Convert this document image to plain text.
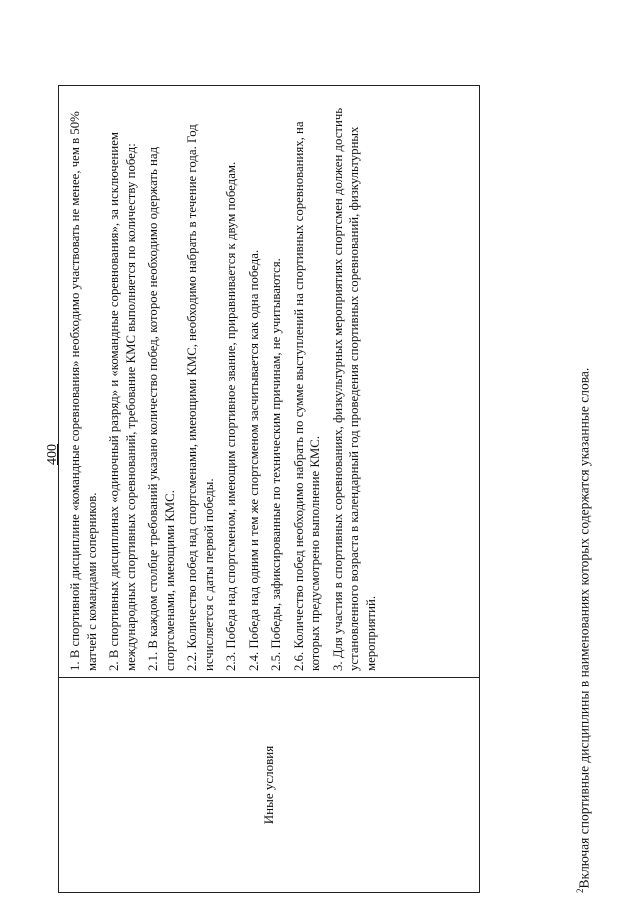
400
Иные условия

1. В спортивной дисциплине «командные соревнования» необходимо участвовать не менее, чем в 50% матчей с командами соперников. 2. В спортивных дисциплинах «одиночный разряд» и «командные соревнования», за исключением международных спортивных соревнований, требование КМС выполняется по количеству побед: 2.1. В каждом столбце требований указано количество побед, которое необходимо одержать над спортсменами, имеющими КМС. 2.2. Количество побед над спортсменами, имеющими КМС, необходимо набрать в течение года. Год исчисляется с даты первой победы. 2.3. Победа над спортсменом, имеющим спортивное звание, приравнивается к двум победам. 2.4. Победа над одним и тем же спортсменом засчитывается как одна победа. 2.5. Победы, зафиксированные по техническим причинам, не учитываются. 2.6. Количество побед необходимо набрать по сумме выступлений на спортивных соревнованиях, на которых предусмотрено выполнение КМС. 3. Для участия в спортивных соревнованиях, физкультурных мероприятиях спортсмен должен достичь установленного возраста в календарный год проведения спортивных соревнований, физкультурных мероприятий.

$^2$Включая спортивные дисциплины в наименованиях которых содержатся указанные слова.
